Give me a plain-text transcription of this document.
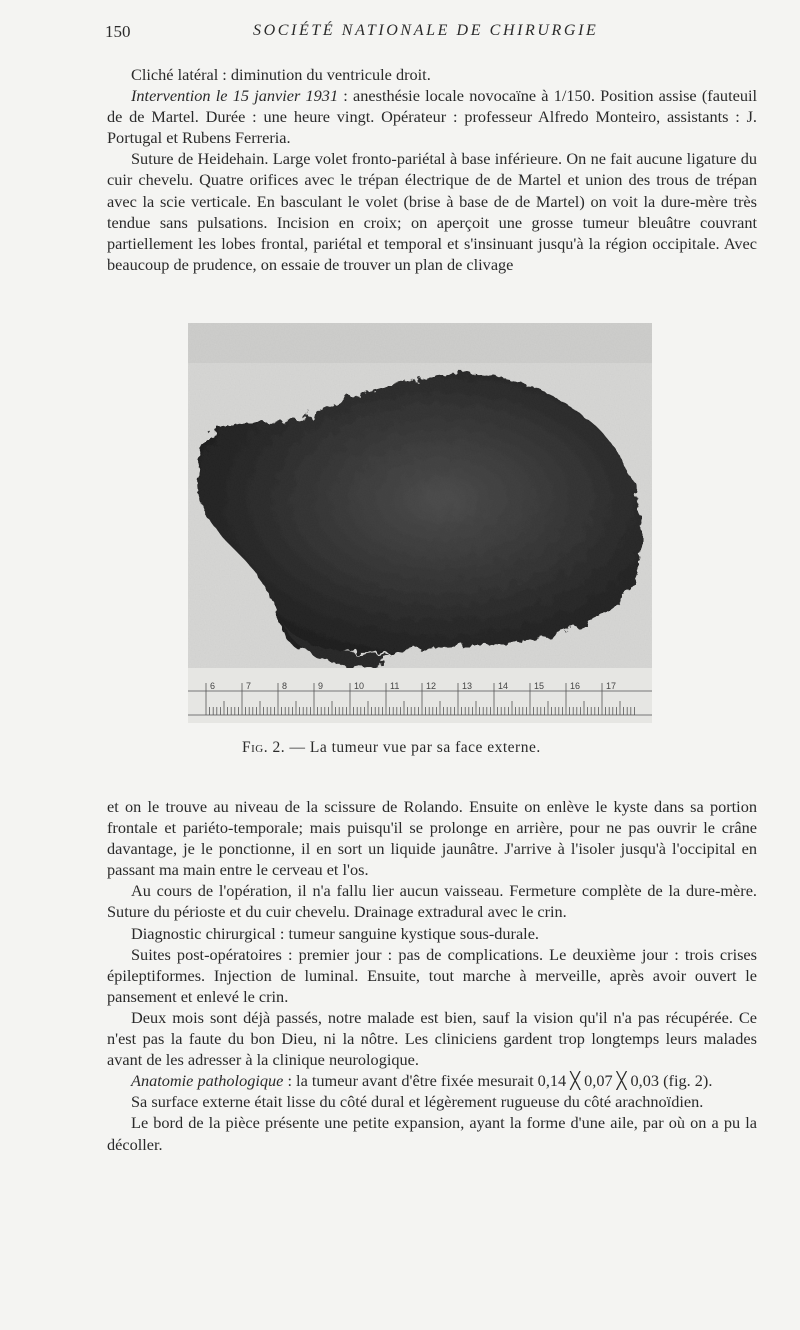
150	SOCIÉTÉ NATIONALE DE CHIRURGIE

Cliché latéral : diminution du ventricule droit.

Intervention le 15 janvier 1931 : anesthésie locale novocaïne à 1/150. Position assise (fauteuil de de Martel. Durée : une heure vingt. Opérateur : professeur Alfredo Monteiro, assistants : J. Portugal et Rubens Ferreria.

Suture de Heidehain. Large volet fronto-pariétal à base inférieure. On ne fait aucune ligature du cuir chevelu. Quatre orifices avec le trépan électrique de de Martel et union des trous de trépan avec la scie verticale. En basculant le volet (brise à base de de Martel) on voit la dure-mère très tendue sans pulsations. Incision en croix; on aperçoit une grosse tumeur bleuâtre couvrant partiellement les lobes frontal, pariétal et temporal et s'insinuant jusqu'à la région occipitale. Avec beaucoup de prudence, on essaie de trouver un plan de clivage

6	7	8	9	10	11	12	13	14	15	16	17
Fig. 2. — La tumeur vue par sa face externe.

et on le trouve au niveau de la scissure de Rolando. Ensuite on enlève le kyste dans sa portion frontale et pariéto-temporale; mais puisqu'il se prolonge en arrière, pour ne pas ouvrir le crâne davantage, je le ponctionne, il en sort un liquide jaunâtre. J'arrive à l'isoler jusqu'à l'occipital en passant ma main entre le cerveau et l'os.

Au cours de l'opération, il n'a fallu lier aucun vaisseau. Fermeture complète de la dure-mère. Suture du périoste et du cuir chevelu. Drainage extradural avec le crin.

Diagnostic chirurgical : tumeur sanguine kystique sous-durale.

Suites post-opératoires : premier jour : pas de complications. Le deuxième jour : trois crises épileptiformes. Injection de luminal. Ensuite, tout marche à merveille, après avoir ouvert le pansement et enlevé le crin.

Deux mois sont déjà passés, notre malade est bien, sauf la vision qu'il n'a pas récupérée. Ce n'est pas la faute du bon Dieu, ni la nôtre. Les cliniciens gardent trop longtemps leurs malades avant de les adresser à la clinique neurologique.

Anatomie pathologique : la tumeur avant d'être fixée mesurait 0,14 ╳ 0,07 ╳ 0,03 (fig. 2).

Sa surface externe était lisse du côté dural et légèrement rugueuse du côté arachnoïdien.

Le bord de la pièce présente une petite expansion, ayant la forme d'une aile, par où on a pu la décoller.
